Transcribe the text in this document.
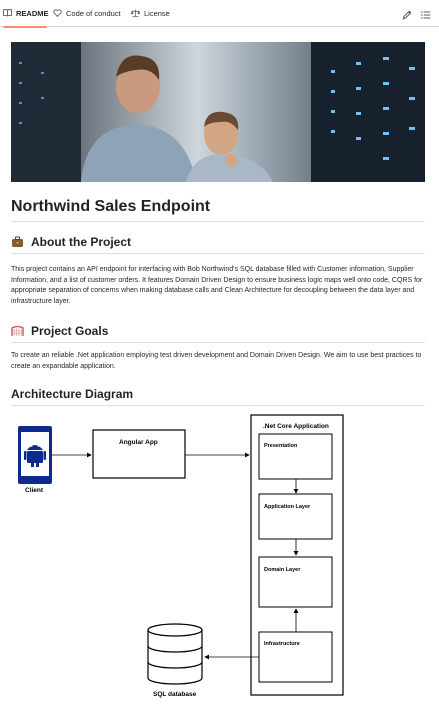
README Code of conduct	License
Northwind Sales Endpoint
About the Project
This project contains an API endpoint for interfacing with Bob Northwind's SQL database filled with Customer information, Supplier Information, and a list of customer orders. It features Domain Driven Design to ensure business logic maps well onto code, CQRS for appropriate separation of concerns when making database calls and Clean Architecture for decoupling between the data layer and infrastructure layer.
Project Goals
To create an reliable .Net application employing test driven development and Domain Driven Design. We aim to use best practices to create an expandable application.
Architecture Diagram
Client
Angular App
.Net Core Application
Presentation
Application Layer
Domain Layer
Infrastructure
SQL database
